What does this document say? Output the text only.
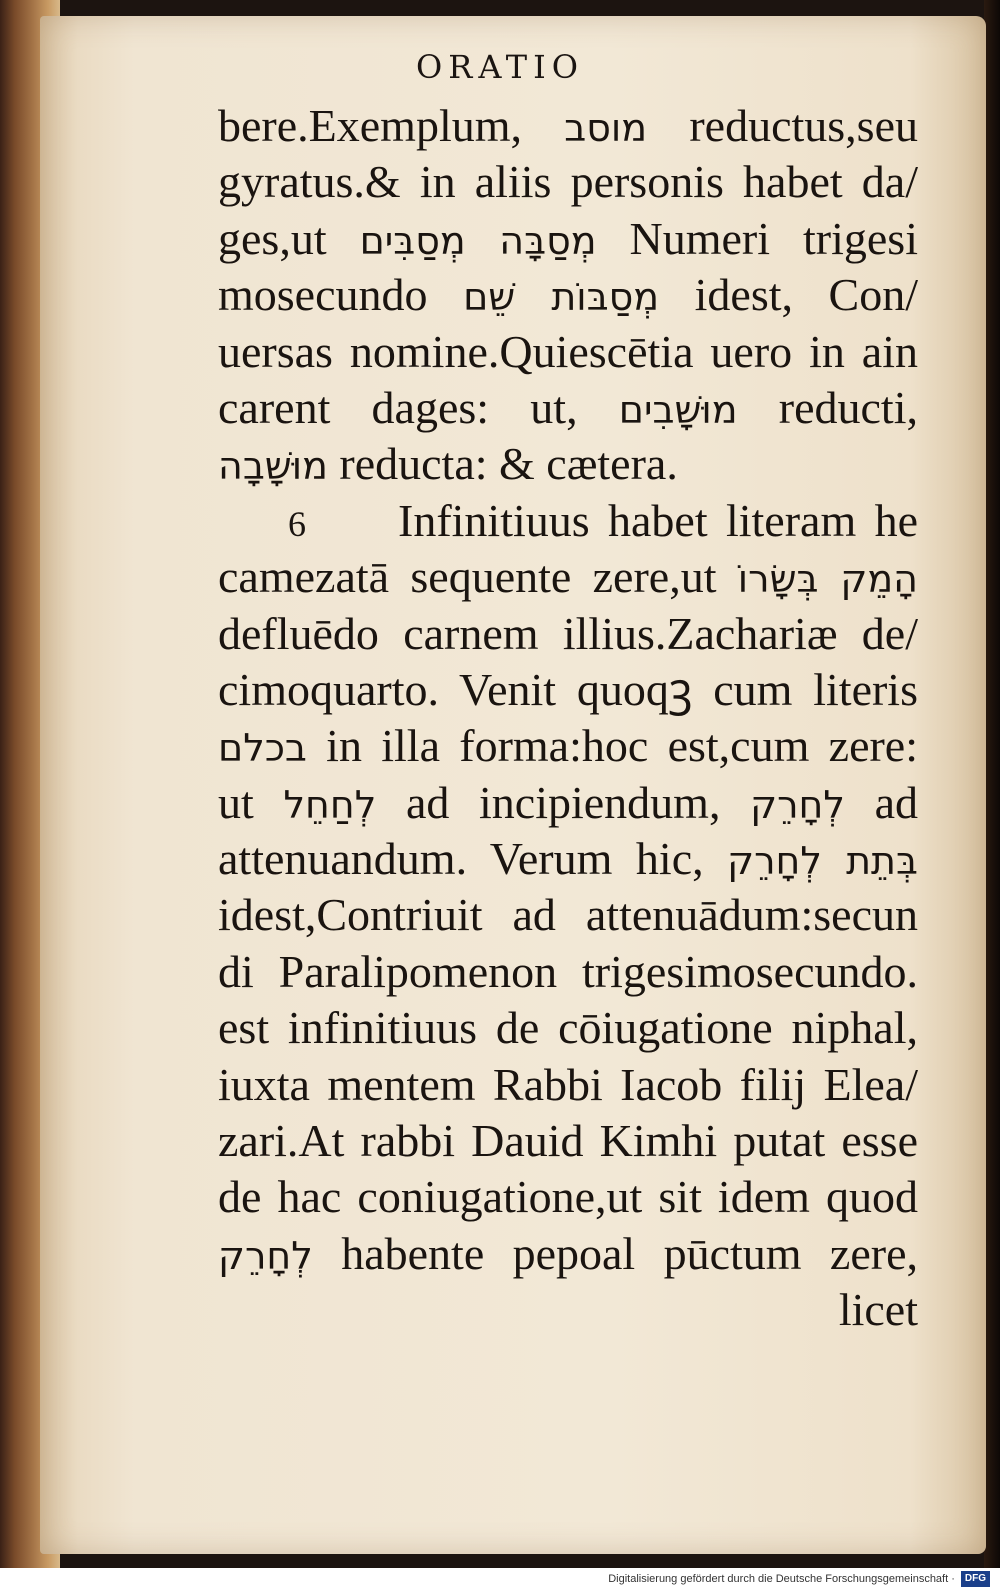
ORATIO
bere.Exemplum, מוסב reductus,seu
gyratus.& in aliis personis habet da/
ges,ut מְסַבָּה מְסַבִּים Numeri trigesi
mosecundo מְסַבּוֹת שֵׁם idest, Con/
uersas nomine.Quiescētia uero in ain
carent dages: ut, מוּשָׁבִים reducti,
מוּשָׁבָה reducta: & cætera.
6 Infinitiuus habet literam he
camezatā sequente zere,ut הָמֵק בְּשָׂרוֹ
defluēdo carnem illius.Zachariæ de/
cimoquarto. Venit quoqꝫ cum literis
בכלם in illa forma:hoc est,cum zere:
ut לְחַחֵל ad incipiendum, לְחָרֵק ad
attenuandum. Verum hic, בְּתֵת לְחָרֵק
idest,Contriuit ad attenuādum:secun
di Paralipomenon trigesimosecundo.
est infinitiuus de cōiugatione niphal,
iuxta mentem Rabbi Iacob filij Elea/
zari.At rabbi Dauid Kimhi putat esse
de hac coniugatione,ut sit idem quod
לְחָרֵק habente pepoal pūctum zere,
licet
Digitalisierung gefördert durch die Deutsche Forschungsgemeinschaft · DFG
